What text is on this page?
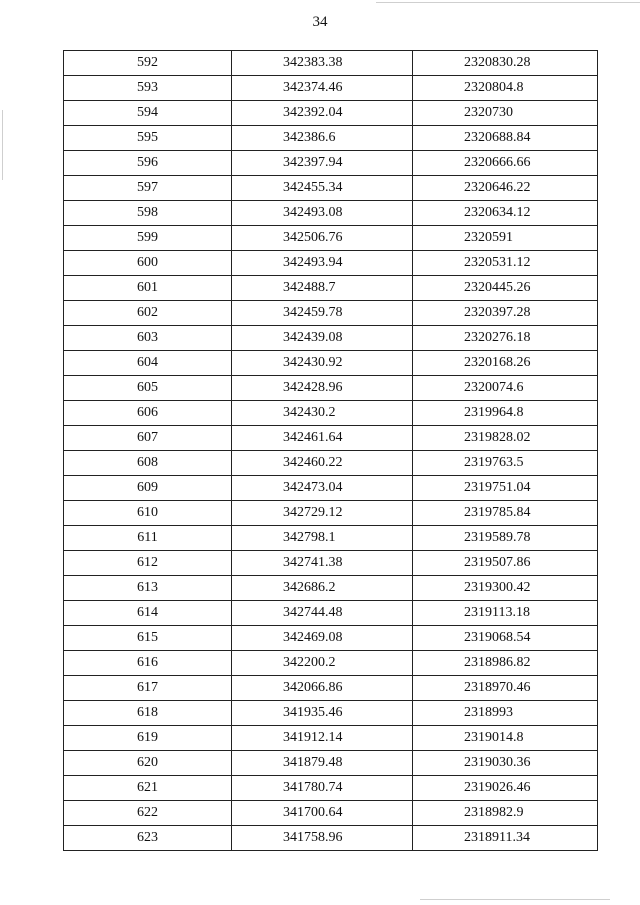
34
592	342383.38	2320830.28
593	342374.46	2320804.8
594	342392.04	2320730
595	342386.6	2320688.84
596	342397.94	2320666.66
597	342455.34	2320646.22
598	342493.08	2320634.12
599	342506.76	2320591
600	342493.94	2320531.12
601	342488.7	2320445.26
602	342459.78	2320397.28
603	342439.08	2320276.18
604	342430.92	2320168.26
605	342428.96	2320074.6
606	342430.2	2319964.8
607	342461.64	2319828.02
608	342460.22	2319763.5
609	342473.04	2319751.04
610	342729.12	2319785.84
611	342798.1	2319589.78
612	342741.38	2319507.86
613	342686.2	2319300.42
614	342744.48	2319113.18
615	342469.08	2319068.54
616	342200.2	2318986.82
617	342066.86	2318970.46
618	341935.46	2318993
619	341912.14	2319014.8
620	341879.48	2319030.36
621	341780.74	2319026.46
622	341700.64	2318982.9
623	341758.96	2318911.34
